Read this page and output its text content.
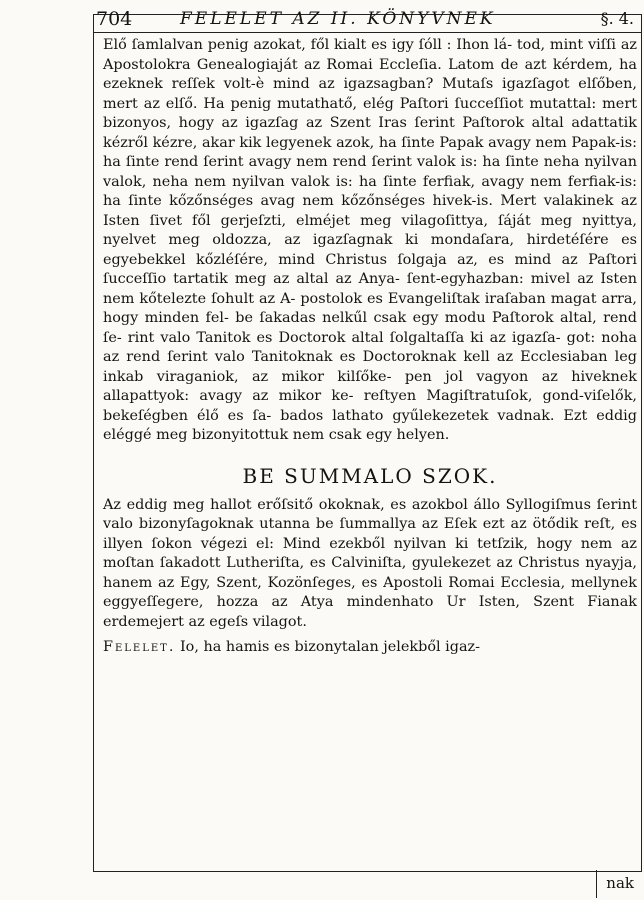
704	FELELET AZ II. KÖNYVNEK	§. 4.

Elő ſamlalvan penig azokat, fől kialt es igy ſóll : Ihon lá- tod, mint viſſi az Apostolokra Genealogiaját az Romai Eccleſia. Latom de azt kérdem, ha ezeknek reſſek volt-è mind az igazsagban? Mutaſs igazſagot elſőben, mert az elſő. Ha penig mutathatő, elég Paſtori ſucceſſiot mutattal: mert bizonyos, hogy az igazſag az Szent Iras ſerint Paſtorok altal adattatik kézről kézre, akar kik legyenek azok, ha ſinte Papak avagy nem Papak-is: ha ſinte rend ſerint avagy nem rend ſerint valok is: ha ſinte neha nyilvan valok, neha nem nyilvan valok is: ha ſinte ferfiak, avagy nem ferfiak-is: ha ſinte kőzőnséges avag nem kőzőnséges hivek-is. Mert valakinek az Isten ſivet fől gerjeſzti, elméjet meg vilagoſittya, ſáját meg nyittya, nyelvet meg oldozza, az igazſagnak ki mondaſara, hirdetéſére es egyebekkel kőzléſére, mind Christus ſolgaja az, es mind az Paſtori ſucceſſio tartatik meg az altal az Anya- ſent-egyhazban: mivel az Isten nem kőtelezte ſohult az A- postolok es Evangeliſtak iraſaban magat arra, hogy minden fel- be ſakadas nelkűl csak egy modu Paſtorok altal, rend ſe- rint valo Tanitok es Doctorok altal ſolgaltaſſa ki az igazſa- got: noha az rend ſerint valo Tanitoknak es Doctoroknak kell az Ecclesiaban leg inkab viraganiok, az mikor kilſőke- pen jol vagyon az hiveknek allapattyok: avagy az mikor ke- reſtyen Magiſtratuſok, gond-viſelők, bekeſégben élő es ſa- bados lathato gyűlekezetek vadnak. Ezt eddig eléggé meg bizonyitottuk nem csak egy helyen.

BE SUMMALO SZOK.

Az eddig meg hallot erőſsitő okoknak, es azokbol állo Syllogiſmus ſerint valo bizonyſagoknak utanna be ſummallya az Eſek ezt az ötődik reſt, es illyen ſokon végezi el: Mind ezekből nyilvan ki tetſzik, hogy nem az moſtan ſakadott Lutheriſta, es Calviniſta, gyulekezet az Christus nyayja, hanem az Egy, Szent, Kozönſeges, es Apostoli Romai Ecclesia, mellynek eggyeſſegere, hozza az Atya mindenhato Ur Isten, Szent Fianak erdemejert az egeſs vilagot.

Felelet. Io, ha hamis es bizonytalan jelekből igaz-

nak
